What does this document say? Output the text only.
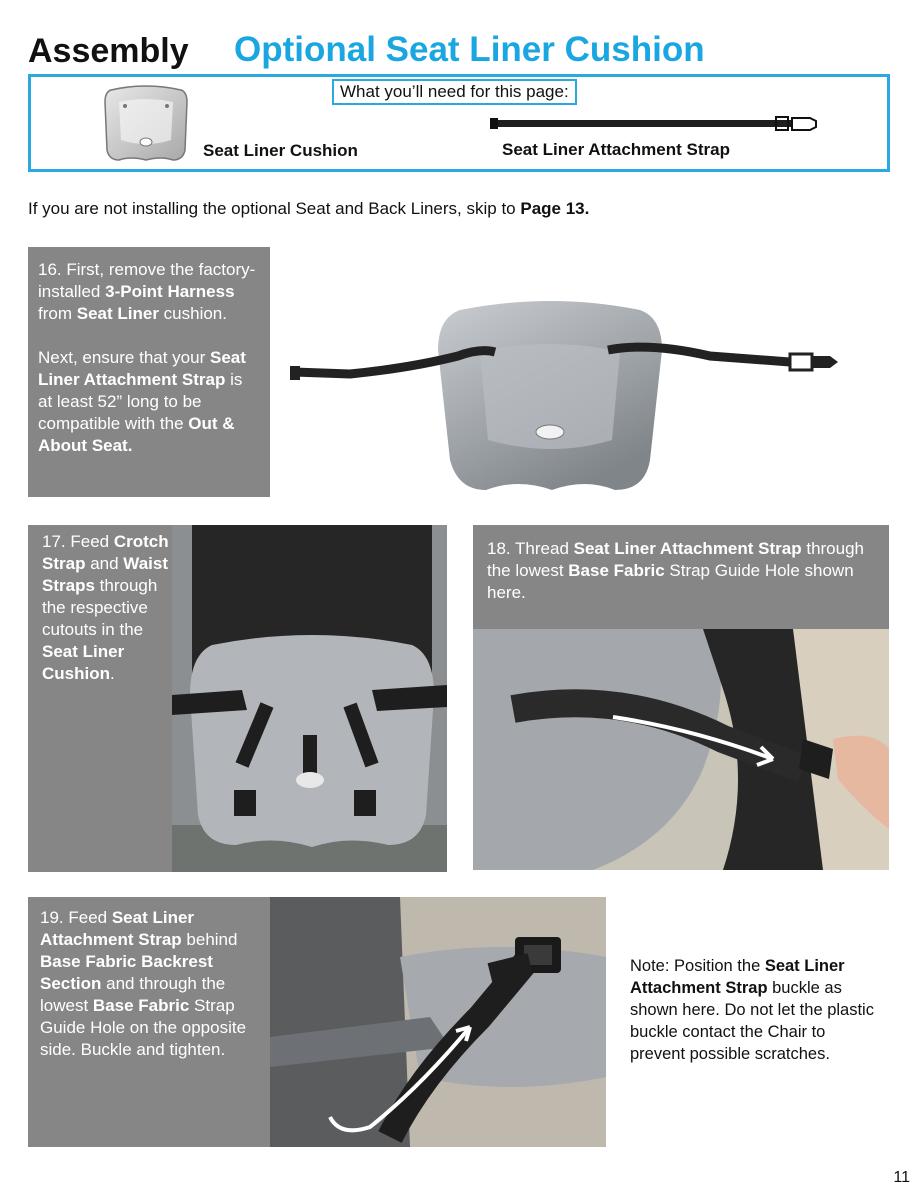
Assembly Optional Seat Liner Cushion
What you’ll need for this page:
Seat Liner Cushion	Seat Liner Attachment Strap
If you are not installing the optional Seat and Back Liners, skip to Page 13.

16. First, remove the factory-installed 3-Point Harness from Seat Liner cushion.

Next, ensure that your Seat Liner Attachment Strap is at least 52” long to be compatible with the Out & About Seat.

17. Feed Crotch Strap and Waist Straps through the respective cutouts in the Seat Liner Cushion.

18. Thread Seat Liner Attachment Strap through the lowest Base Fabric Strap Guide Hole shown here.

19. Feed Seat Liner Attachment Strap behind Base Fabric Backrest Section and through the lowest Base Fabric Strap Guide Hole on the opposite side. Buckle and tighten.

Note: Position the Seat Liner Attachment Strap buckle as shown here. Do not let the plastic buckle contact the Chair to prevent possible scratches.
11
